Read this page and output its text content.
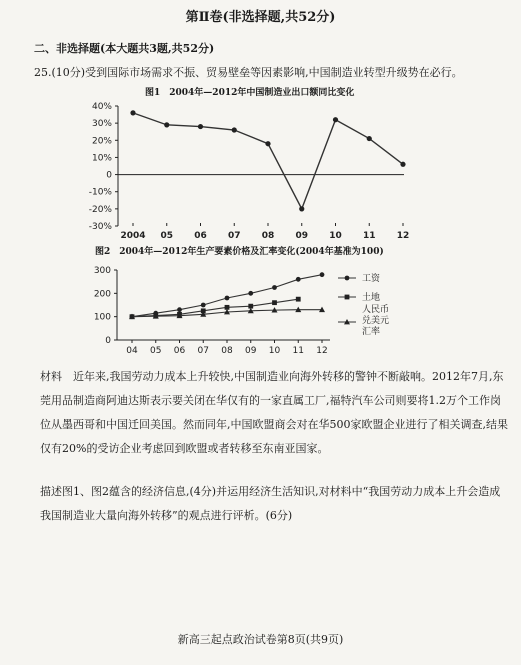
第Ⅱ卷(非选择题,共52分)
二、非选择题(本大题共3题,共52分)
25.(10分)受到国际市场需求不振、贸易壁垒等因素影响,中国制造业转型升级势在必行。
图1　2004年—2012年中国制造业出口额同比变化
40%
30%
20%
10%
0
-10%
-20%
-30%
2004 05 06 07 08 09 10 11 12
图2　2004年—2012年生产要素价格及汇率变化(2004年基准为100)
0
100
200
300
04 05 06 07 08 09 10 11 12
工资
土地
人民币
兑美元
汇率
材料　近年来,我国劳动力成本上升较快,中国制造业向海外转移的警钟不断敲响。2012年7月,东莞用品制造商阿迪达斯表示要关闭在华仅有的一家直属工厂,福特汽车公司则要将1.2万个工作岗位从墨西哥和中国迁回美国。然而同年,中国欧盟商会对在华500家欧盟企业进行了相关调查,结果仅有20%的受访企业考虑回到欧盟或者转移至东南亚国家。
描述图1、图2蕴含的经济信息,(4分)并运用经济生活知识,对材料中“我国劳动力成本上升会造成我国制造业大量向海外转移”的观点进行评析。(6分)
新高三起点政治试卷第8页(共9页)
